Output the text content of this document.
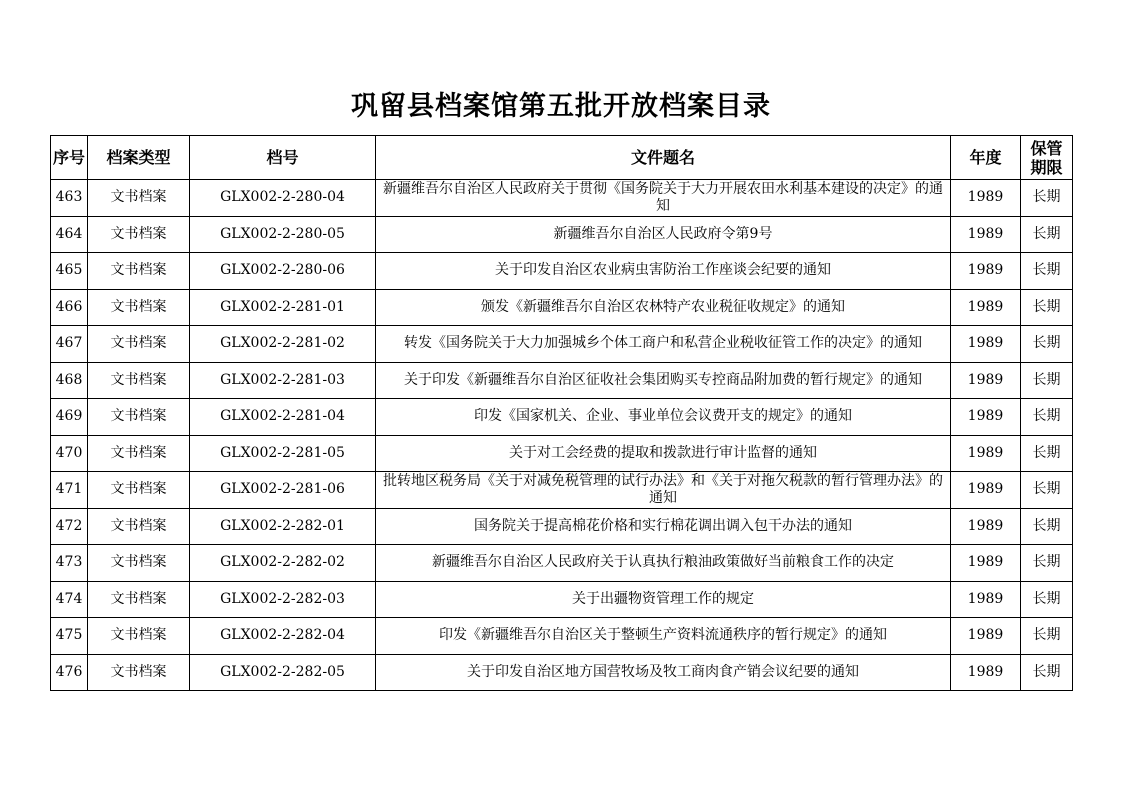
巩留县档案馆第五批开放档案目录
序号	档案类型	档号	文件题名	年度	保管期限
463	文书档案	GLX002-2-280-04	新疆维吾尔自治区人民政府关于贯彻《国务院关于大力开展农田水利基本建设的决定》的通知	1989	长期
464	文书档案	GLX002-2-280-05	新疆维吾尔自治区人民政府令第9号	1989	长期
465	文书档案	GLX002-2-280-06	关于印发自治区农业病虫害防治工作座谈会纪要的通知	1989	长期
466	文书档案	GLX002-2-281-01	颁发《新疆维吾尔自治区农林特产农业税征收规定》的通知	1989	长期
467	文书档案	GLX002-2-281-02	转发《国务院关于大力加强城乡个体工商户和私营企业税收征管工作的决定》的通知	1989	长期
468	文书档案	GLX002-2-281-03	关于印发《新疆维吾尔自治区征收社会集团购买专控商品附加费的暂行规定》的通知	1989	长期
469	文书档案	GLX002-2-281-04	印发《国家机关、企业、事业单位会议费开支的规定》的通知	1989	长期
470	文书档案	GLX002-2-281-05	关于对工会经费的提取和拨款进行审计监督的通知	1989	长期
471	文书档案	GLX002-2-281-06	批转地区税务局《关于对减免税管理的试行办法》和《关于对拖欠税款的暂行管理办法》的通知	1989	长期
472	文书档案	GLX002-2-282-01	国务院关于提高棉花价格和实行棉花调出调入包干办法的通知	1989	长期
473	文书档案	GLX002-2-282-02	新疆维吾尔自治区人民政府关于认真执行粮油政策做好当前粮食工作的决定	1989	长期
474	文书档案	GLX002-2-282-03	关于出疆物资管理工作的规定	1989	长期
475	文书档案	GLX002-2-282-04	印发《新疆维吾尔自治区关于整顿生产资料流通秩序的暂行规定》的通知	1989	长期
476	文书档案	GLX002-2-282-05	关于印发自治区地方国营牧场及牧工商肉食产销会议纪要的通知	1989	长期
